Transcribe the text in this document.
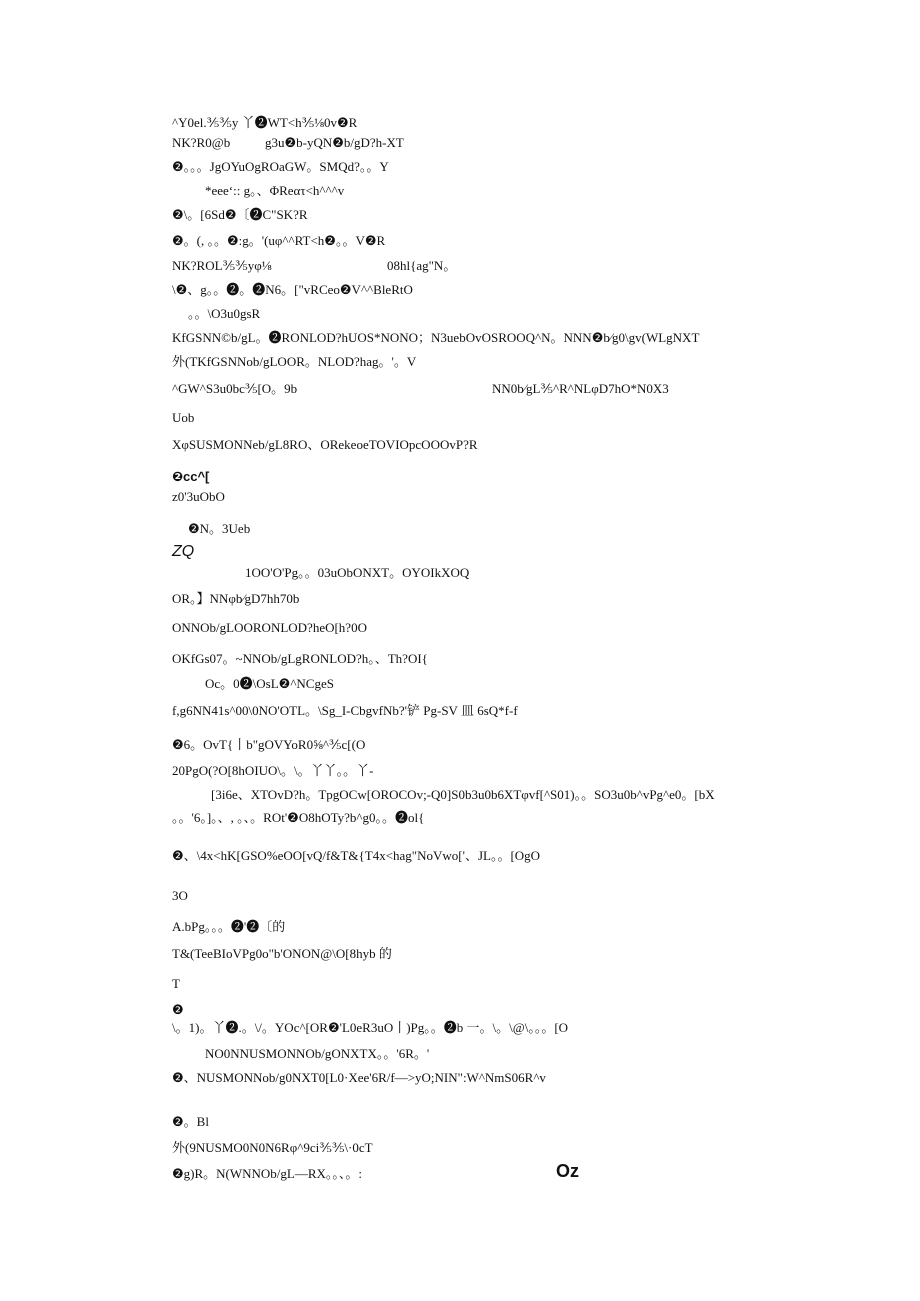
^Y0el.⅗⅗y 丫❷WT<h⅗⅛0v❷R
NK?R0@b	g3u❷b-yQN❷b/gD?h-XT
❷。。。JgOYuOgROaGW。SMQd?。。Y
*eee‘:: g。、ΦReατ<h^^^v
❷\。[6Sd❷〔❷C"SK?R
❷。(, 。。❷:g。'(uφ^^RT<h❷。。V❷R
NK?ROL⅗⅗yφ⅛	08hl{ag"N。
\❷、g。。❷。❷N6。["vRCeo❷V^^BleRtO
。。\O3u0gsR
KfGSNN©b/gL。❷RONLOD?hUOS*NONO；N3uebOvOSROOQ^N。NNN❷b∕g0\gv(WLgNXT
外(TKfGSNNob/gLOOR。NLOD?hag。'。V
^GW^S3u0bc⅗[O。9b	NN0b⁄gL⅗^R^NLφD7hO*N0X3
Uob
XφSUSMONNeb/gL8RO、ORekeoeTOVIOpcOOOvP?R
❷cc^[
z0'3uObO
❷N。3Ueb
ZQ
1OO'O'Pg。。03uObONXT。OYOIkXOQ
OR。】NNφb⁄gD7hh70b
ONNOb/gLOORONLOD?heO[h?0O
OKfGs07。~NNOb/gLgRONLOD?h。、Th?OI{
Oc。0❷\OsL❷^NCgeS
f,g6NN41s^00\0NO'OTL。\Sg_I-CbgvfNb?'铲 Pg-SV 皿 6sQ*f-f
❷6。OvT{丨b"gOVYoR0⅝^⅗c[(O
20PgO(?O[8hOIUO\。\。丫丫。。丫-
[3i6e、XTOvD?h。TpgOCw[OROCOv;-Q0]S0b3u0b6XTφvf[^S01)。。SO3u0b^vPg^e0。[bX
。。'6。]。、, 。、。ROt'❷O8hOTy?b^g0。。❷ol{
❷、\4x<hK[GSO%eOO[vQ/f&T&{T4x<hag"NoVwo['、JL。。[OgO
3O
A.bPg。。。❷'❷〔的
T&(TeeBIoVPg0o"b'ONON@\O[8hyb 的
T
❷
\。1)。丫❷.。\/。YOc^[OR❷'L0eR3uO丨)Pg。。❷b 一。\。\@\。。。[O
NO0NNUSMONNOb/gONXTX。。'6R。'
❷、NUSMONNob/g0NXT0[L0·Xee'6R/f—>yO;NIN":W^NmS06R^v
❷。Bl
外(9NUSMO0N0N6Rφ^9ci⅗⅗\·0cT
❷g)R。N(WNNOb/gL—RX。。、。:	Oz
